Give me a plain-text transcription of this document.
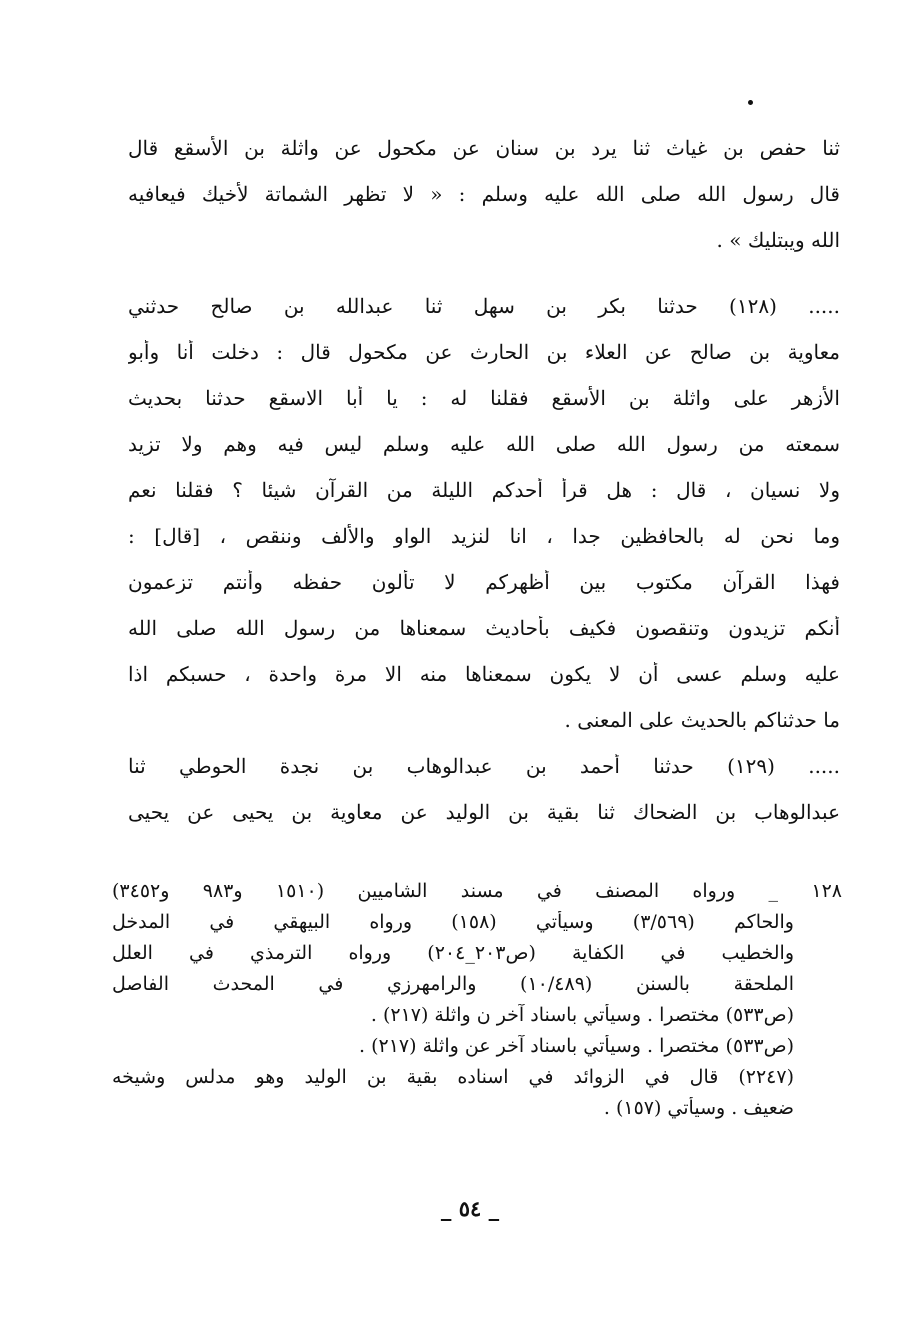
ثنا حفص بن غياث ثنا يرد بن سنان عن مكحول عن واثلة بن الأسقع قال
قال رسول الله صلى الله عليه وسلم : « لا تظهر الشماتة لأخيك فيعافيه
الله ويبتليك » .
..... (١٢٨) حدثنا بكر بن سهل ثنا عبدالله بن صالح حدثني
معاوية بن صالح عن العلاء بن الحارث عن مكحول قال : دخلت أنا وأبو
الأزهر على واثلة بن الأسقع فقلنا له : يا أبا الاسقع حدثنا بحديث
سمعته من رسول الله صلى الله عليه وسلم ليس فيه وهم ولا تزيد
ولا نسيان ، قال : هل قرأ أحدكم الليلة من القرآن شيئا ؟ فقلنا نعم
وما نحن له بالحافظين جدا ، انا لنزيد الواو والألف وننقص ، [قال] :
فهذا القرآن مكتوب بين أظهركم لا تألون حفظه وأنتم تزعمون
أنكم تزيدون وتنقصون فكيف بأحاديث سمعناها من رسول الله صلى الله
عليه وسلم عسى أن لا يكون سمعناها منه الا مرة واحدة ، حسبكم اذا
ما حدثناكم بالحديث على المعنى .
..... (١٢٩) حدثنا أحمد بن عبدالوهاب بن نجدة الحوطي ثنا
عبدالوهاب بن الضحاك ثنا بقية بن الوليد عن معاوية بن يحيى عن يحيى
١٢٨ _ ورواه المصنف في مسند الشاميين (١٥١٠ و٩٨٣ و٣٤٥٢)
والحاكم (٣/٥٦٩) وسيأتي (١٥٨) ورواه البيهقي في المدخل
والخطيب في الكفاية (ص٢٠٣_٢٠٤) ورواه الترمذي في العلل
الملحقة بالسنن (١٠/٤٨٩) والرامهرزي في المحدث الفاصل
(ص٥٣٣) مختصرا . وسيأتي باسناد آخر ن واثلة (٢١٧) .
(ص٥٣٣) مختصرا . وسيأتي باسناد آخر عن واثلة (٢١٧) .
(٢٢٤٧) قال في الزوائد في اسناده بقية بن الوليد وهو مدلس وشيخه
ضعيف . وسيأتي (١٥٧) .
_ ٥٤ _
